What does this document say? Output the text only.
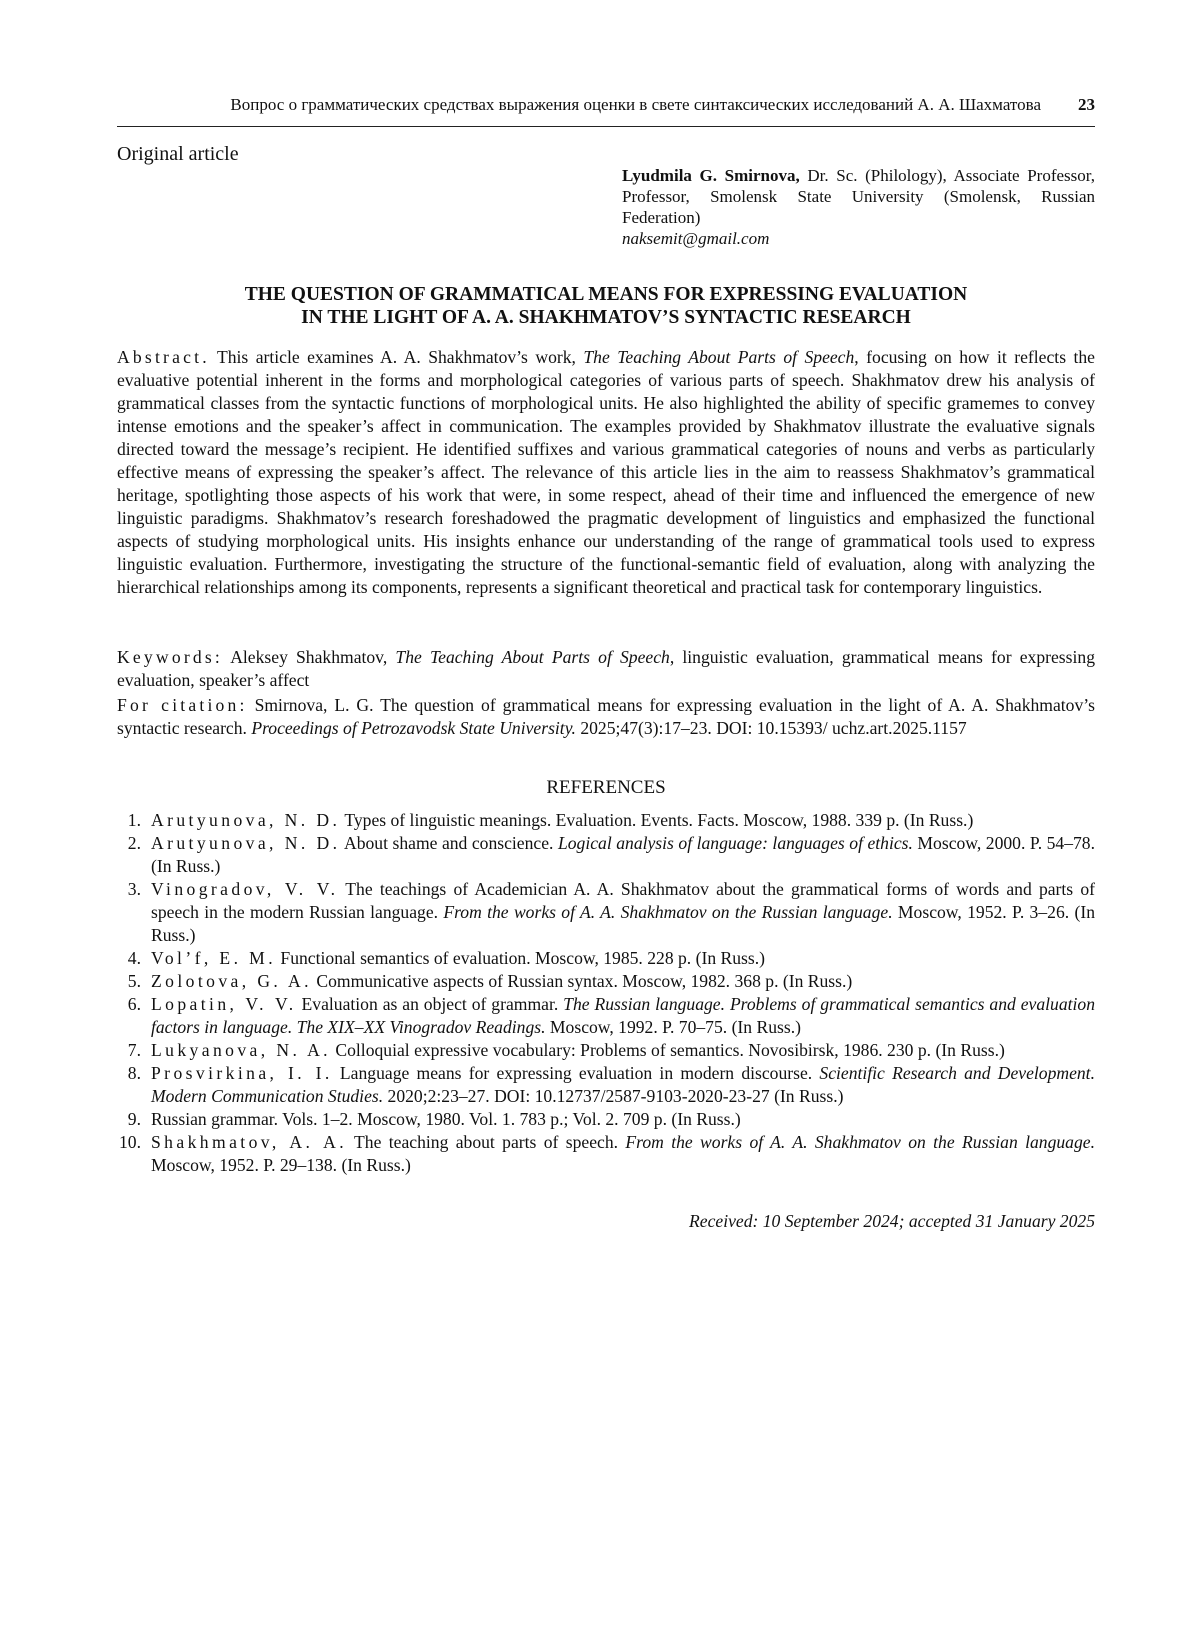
Вопрос о грамматических средствах выражения оценки в свете синтаксических исследований А. А. Шахматова 23
Original article
Lyudmila G. Smirnova, Dr. Sc. (Philology), Associate Professor, Professor, Smolensk State University (Smolensk, Russian Federation)
naksemit@gmail.com
THE QUESTION OF GRAMMATICAL MEANS FOR EXPRESSING EVALUATION
IN THE LIGHT OF A. A. SHAKHMATOV’S SYNTACTIC RESEARCH
Abstract. This article examines A. A. Shakhmatov’s work, The Teaching About Parts of Speech, focusing on how it reflects the evaluative potential inherent in the forms and morphological categories of various parts of speech. Shakhmatov drew his analysis of grammatical classes from the syntactic functions of morphological units. He also highlighted the ability of specific gramemes to convey intense emotions and the speaker’s affect in communication. The examples provided by Shakhmatov illustrate the evaluative signals directed toward the message’s recipient. He identified suffixes and various grammatical categories of nouns and verbs as particularly effective means of expressing the speaker’s affect. The relevance of this article lies in the aim to reassess Shakhmatov’s grammatical heritage, spotlighting those aspects of his work that were, in some respect, ahead of their time and influenced the emergence of new linguistic paradigms. Shakhmatov’s research foreshadowed the pragmatic development of linguistics and emphasized the functional aspects of studying morphological units. His insights enhance our understanding of the range of grammatical tools used to express linguistic evaluation. Furthermore, investigating the structure of the functional-semantic field of evaluation, along with analyzing the hierarchical relationships among its components, represents a significant theoretical and practical task for contemporary linguistics.
Keywords: Aleksey Shakhmatov, The Teaching About Parts of Speech, linguistic evaluation, grammatical means for expressing evaluation, speaker’s affect
For citation: Smirnova, L. G. The question of grammatical means for expressing evaluation in the light of A. A. Shakhmatov’s syntactic research. Proceedings of Petrozavodsk State University. 2025;47(3):17–23. DOI: 10.15393/ uchz.art.2025.1157
REFERENCES
1. Arutyunova, N. D. Types of linguistic meanings. Evaluation. Events. Facts. Moscow, 1988. 339 p. (In Russ.)
2. Arutyunova, N. D. About shame and conscience. Logical analysis of language: languages of ethics. Moscow, 2000. P. 54–78. (In Russ.)
3. Vinogradov, V. V. The teachings of Academician A. A. Shakhmatov about the grammatical forms of words and parts of speech in the modern Russian language. From the works of A. A. Shakhmatov on the Russian language. Moscow, 1952. P. 3–26. (In Russ.)
4. Vol’f, E. M. Functional semantics of evaluation. Moscow, 1985. 228 p. (In Russ.)
5. Zolotova, G. A. Communicative aspects of Russian syntax. Moscow, 1982. 368 p. (In Russ.)
6. Lopatin, V. V. Evaluation as an object of grammar. The Russian language. Problems of grammatical semantics and evaluation factors in language. The XIX–XX Vinogradov Readings. Moscow, 1992. P. 70–75. (In Russ.)
7. Lukyanova, N. A. Colloquial expressive vocabulary: Problems of semantics. Novosibirsk, 1986. 230 p. (In Russ.)
8. Prosvirkina, I. I. Language means for expressing evaluation in modern discourse. Scientific Research and Development. Modern Communication Studies. 2020;2:23–27. DOI: 10.12737/2587-9103-2020-23-27 (In Russ.)
9. Russian grammar. Vols. 1–2. Moscow, 1980. Vol. 1. 783 p.; Vol. 2. 709 p. (In Russ.)
10. Shakhmatov, A. A. The teaching about parts of speech. From the works of A. A. Shakhmatov on the Russian language. Moscow, 1952. P. 29–138. (In Russ.)
Received: 10 September 2024; accepted 31 January 2025
